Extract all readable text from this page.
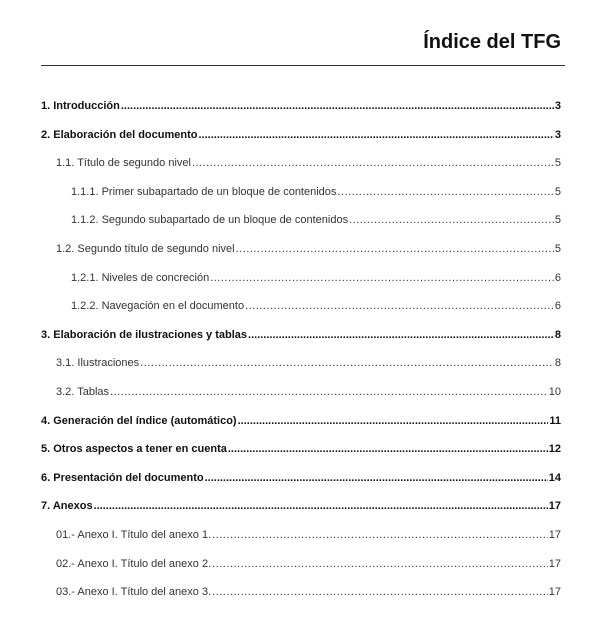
Índice del TFG
1. Introducción .....	3
2. Elaboración del documento .....	3
1.1. Título de segundo nivel .....	5
1.1.1. Primer subapartado de un bloque de contenidos .....	5
1.1.2. Segundo subapartado de un bloque de contenidos .....	5
1.2. Segundo título de segundo nivel .....	5
1.2.1. Niveles de concreción .....	6
1.2.2. Navegación en el documento .....	6
3. Elaboración de ilustraciones y tablas .....	8
3.1. Ilustraciones .....	8
3.2. Tablas .....	10
4. Generación del índice (automático) .....	11
5. Otros aspectos a tener en cuenta .....	12
6. Presentación del documento .....	14
7. Anexos .....	17
01.- Anexo I. Título del anexo 1. .....	17
02.- Anexo I. Título del anexo 2. .....	17
03.- Anexo I. Título del anexo 3. .....	17
